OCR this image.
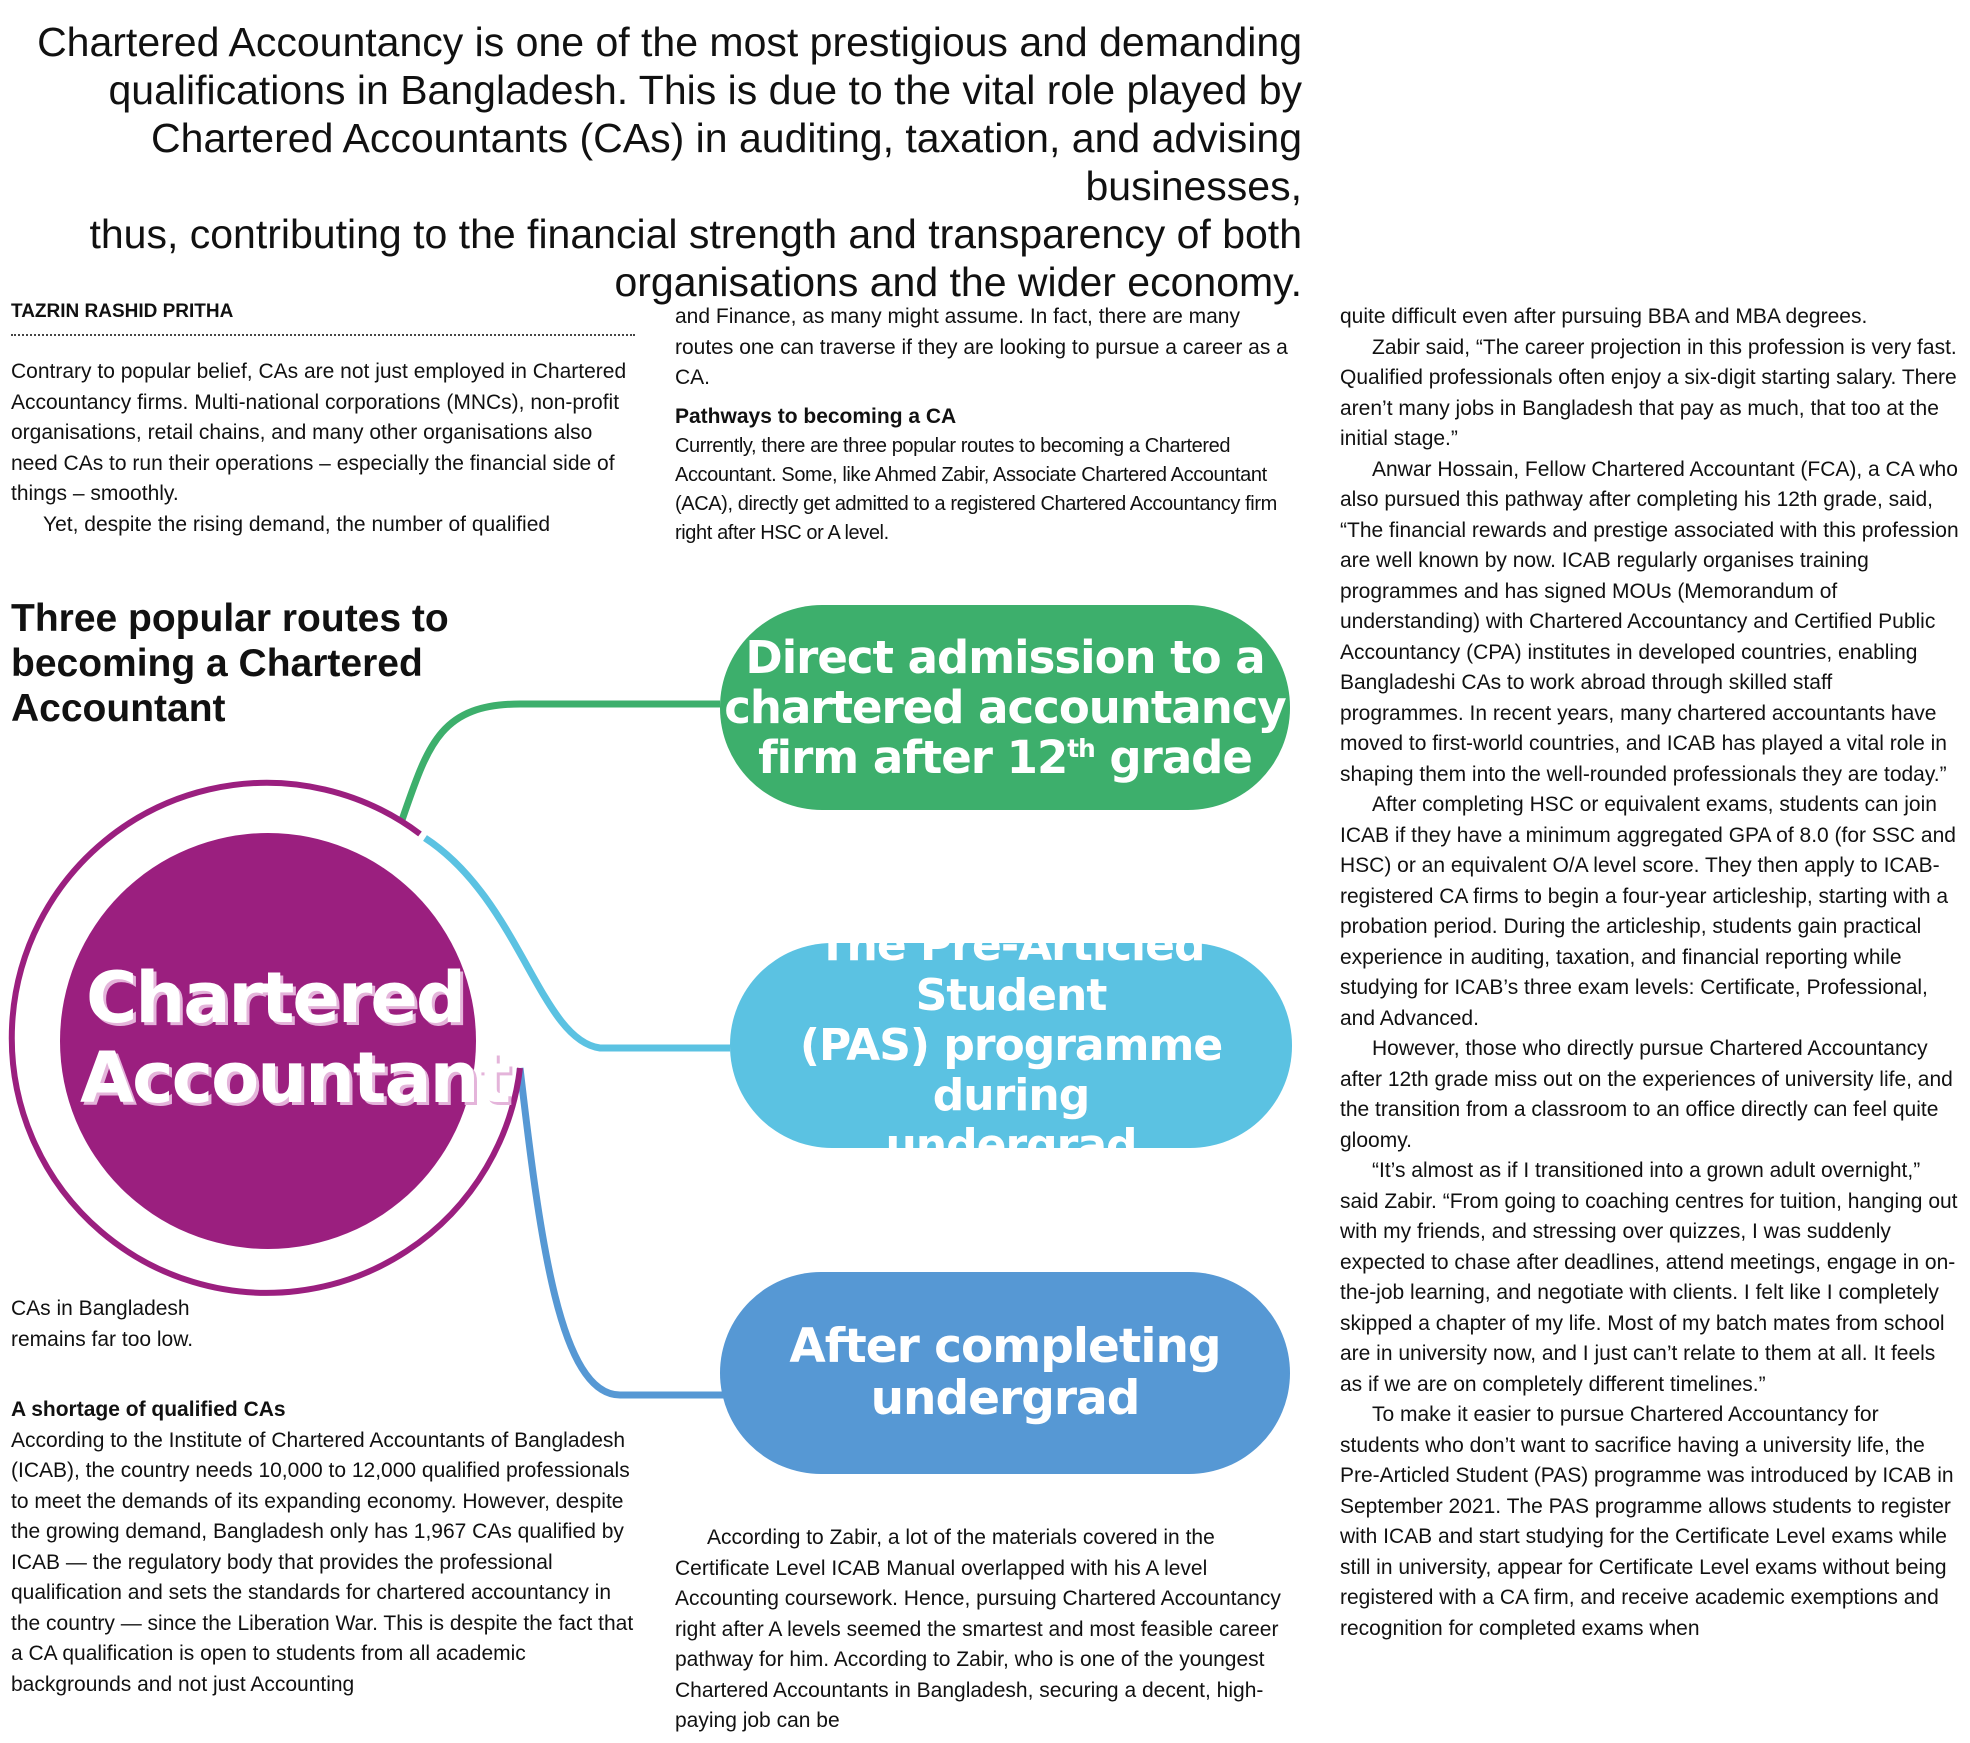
Chartered Accountancy is one of the most prestigious and demanding
qualifications in Bangladesh. This is due to the vital role played by
Chartered Accountants (CAs) in auditing, taxation, and advising businesses,
thus, contributing to the financial strength and transparency of both
organisations and the wider economy.
TAZRIN RASHID PRITHA

Contrary to popular belief, CAs are not just employed in Chartered Accountancy firms. Multi-national corporations (MNCs), non-profit organisations, retail chains, and many other organisations also need CAs to run their operations – especially the financial side of things – smoothly.

Yet, despite the rising demand, the number of qualified

CAs in Bangladesh remains far too low.

A shortage of qualified CAs

According to the Institute of Chartered Accountants of Bangladesh (ICAB), the country needs 10,000 to 12,000 qualified professionals to meet the demands of its expanding economy. However, despite the growing demand, Bangladesh only has 1,967 CAs qualified by ICAB — the regulatory body that provides the professional qualification and sets the standards for chartered accountancy in the country — since the Liberation War. This is despite the fact that a CA qualification is open to students from all academic backgrounds and not just Accounting

and Finance, as many might assume. In fact, there are many routes one can traverse if they are looking to pursue a career as a CA.

Pathways to becoming a CA

Currently, there are three popular routes to becoming a Chartered Accountant. Some, like Ahmed Zabir, Associate Chartered Accountant (ACA), directly get admitted to a registered Chartered Accountancy firm right after HSC or A level.

According to Zabir, a lot of the materials covered in the Certificate Level ICAB Manual overlapped with his A level Accounting coursework. Hence, pursuing Chartered Accountancy right after A levels seemed the smartest and most feasible career pathway for him. According to Zabir, who is one of the youngest Chartered Accountants in Bangladesh, securing a decent, high-paying job can be

quite difficult even after pursuing BBA and MBA degrees.

Zabir said, “The career projection in this profession is very fast. Qualified professionals often enjoy a six-digit starting salary. There aren’t many jobs in Bangladesh that pay as much, that too at the initial stage.”

Anwar Hossain, Fellow Chartered Accountant (FCA), a CA who also pursued this pathway after completing his 12th grade, said, “The financial rewards and prestige associated with this profession are well known by now. ICAB regularly organises training programmes and has signed MOUs (Memorandum of understanding) with Chartered Accountancy and Certified Public Accountancy (CPA) institutes in developed countries, enabling Bangladeshi CAs to work abroad through skilled staff programmes. In recent years, many chartered accountants have moved to first-world countries, and ICAB has played a vital role in shaping them into the well-rounded professionals they are today.”

After completing HSC or equivalent exams, students can join ICAB if they have a minimum aggregated GPA of 8.0 (for SSC and HSC) or an equivalent O/A level score. They then apply to ICAB-registered CA firms to begin a four-year articleship, starting with a probation period. During the articleship, students gain practical experience in auditing, taxation, and financial reporting while studying for ICAB’s three exam levels: Certificate, Professional, and Advanced.

However, those who directly pursue Chartered Accountancy after 12th grade miss out on the experiences of university life, and the transition from a classroom to an office directly can feel quite gloomy.

“It’s almost as if I transitioned into a grown adult overnight,” said Zabir. “From going to coaching centres for tuition, hanging out with my friends, and stressing over quizzes, I was suddenly expected to chase after deadlines, attend meetings, engage in on-the-job learning, and negotiate with clients. I felt like I completely skipped a chapter of my life. Most of my batch mates from school are in university now, and I just can’t relate to them at all. It feels as if we are on completely different timelines.”

To make it easier to pursue Chartered Accountancy for students who don’t want to sacrifice having a university life, the Pre-Articled Student (PAS) programme was introduced by ICAB in September 2021. The PAS programme allows students to register with ICAB and start studying for the Certificate Level exams while still in university, appear for Certificate Level exams without being registered with a CA firm, and receive academic exemptions and recognition for completed exams when

Three popular routes to becoming a Chartered Accountant
Chartered
Accountant
Direct admission to a
chartered accountancy
firm after 12th grade
The Pre-Articled Student
(PAS) programme during
undergrad
After completing
undergrad
